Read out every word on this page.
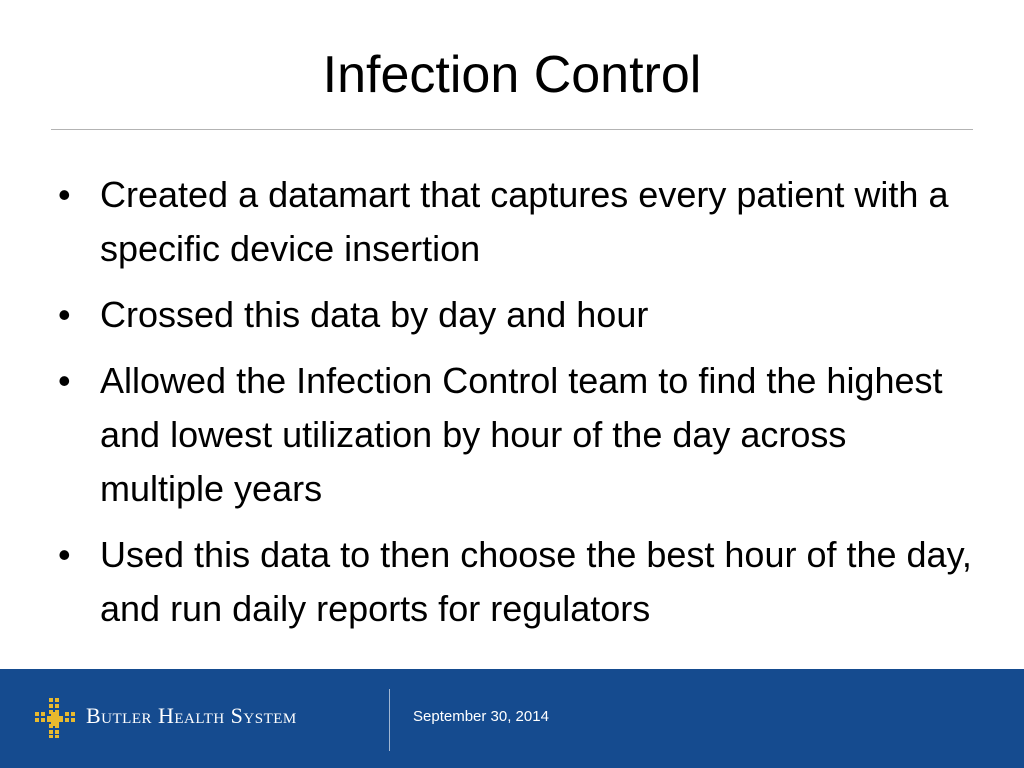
Infection Control
• Created a datamart that captures every patient with a specific device insertion
• Crossed this data by day and hour
• Allowed the Infection Control team to find the highest and lowest utilization by hour of the day across multiple years
• Used this data to then choose the best hour of the day, and run daily reports for regulators
Butler Health System	September 30, 2014
